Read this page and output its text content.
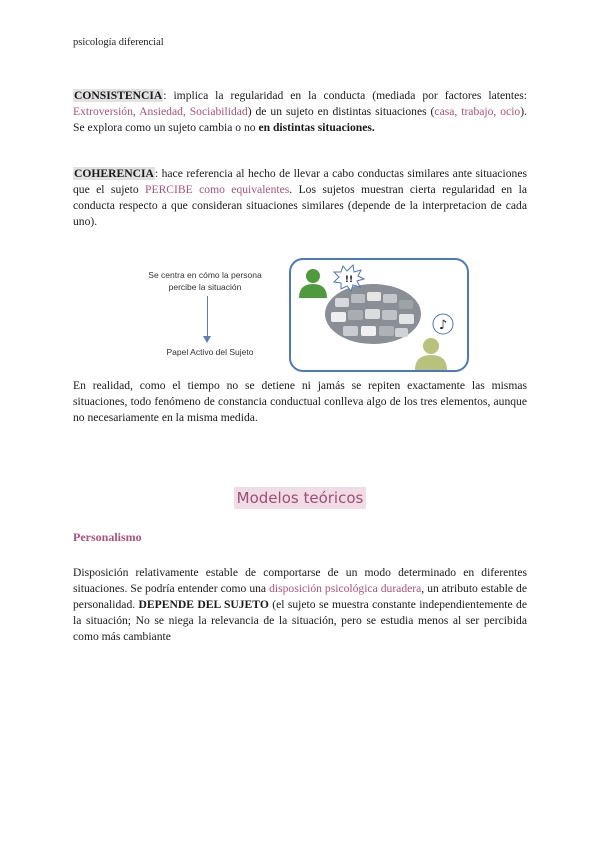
psicología diferencial

CONSISTENCIA: implica la regularidad en la conducta (mediada por factores latentes: Extroversión, Ansiedad, Sociabilidad) de un sujeto en distintas situaciones (casa, trabajo, ocio). Se explora como un sujeto cambia o no en distintas situaciones.

COHERENCIA: hace referencia al hecho de llevar a cabo conductas similares ante situaciones que el sujeto PERCIBE como equivalentes. Los sujetos muestran cierta regularidad en la conducta respecto a que consideran situaciones similares (depende de la interpretacion de cada uno).

Se centra en cómo la persona percibe la situación
Papel Activo del Sujeto
!!
♪

En realidad, como el tiempo no se detiene ni jamás se repiten exactamente las mismas situaciones, todo fenómeno de constancia conductual conlleva algo de los tres elementos, aunque no necesariamente en la misma medida.

Modelos teóricos
Personalismo

Disposición relativamente estable de comportarse de un modo determinado en diferentes situaciones. Se podría entender como una disposición psicológica duradera, un atributo estable de personalidad. DEPENDE DEL SUJETO (el sujeto se muestra constante independientemente de la situación; No se niega la relevancia de la situación, pero se estudia menos al ser percibida como más cambiante
